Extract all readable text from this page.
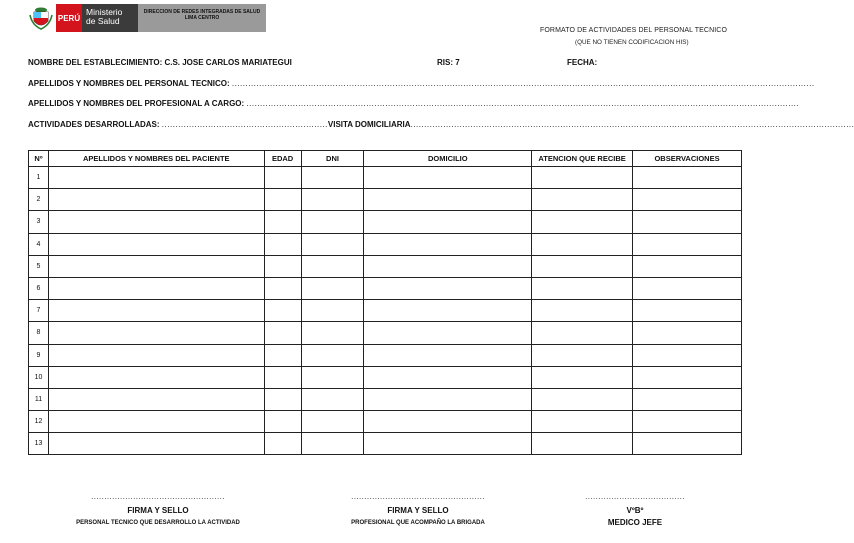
PERÚ
Ministerio
de Salud
DIRECCION DE REDES INTEGRADAS DE SALUD LIMA CENTRO
FORMATO DE ACTIVIDADES DEL PERSONAL TECNICO
(QUE NO TIENEN CODIFICACION HIS)
NOMBRE DEL ESTABLECIMIENTO: C.S. JOSE CARLOS MARIATEGUI	RIS: 7	FECHA:
APELLIDOS Y NOMBRES DEL PERSONAL TECNICO: ......................................................................................................................................................................................................................
APELLIDOS Y NOMBRES DEL PROFESIONAL A CARGO: ...........................................................................................................................................................................................................
ACTIVIDADES DESARROLLADAS: .............................................................VISITA DOMICILIARIA...................................................................................................................................................................
Nº	APELLIDOS Y NOMBRES DEL PACIENTE	EDAD	DNI	DOMICILIO	ATENCION QUE RECIBE	OBSERVACIONES
1						
2						
3						
4						
5						
6						
7						
8						
9						
10						
11						
12						
13						
...................................................
FIRMA Y SELLO
PERSONAL TECNICO QUE DESARROLLO LA ACTIVIDAD
...................................................
FIRMA Y SELLO
PROFESIONAL QUE ACOMPAÑO LA BRIGADA
......................................
VºBº
MEDICO JEFE
